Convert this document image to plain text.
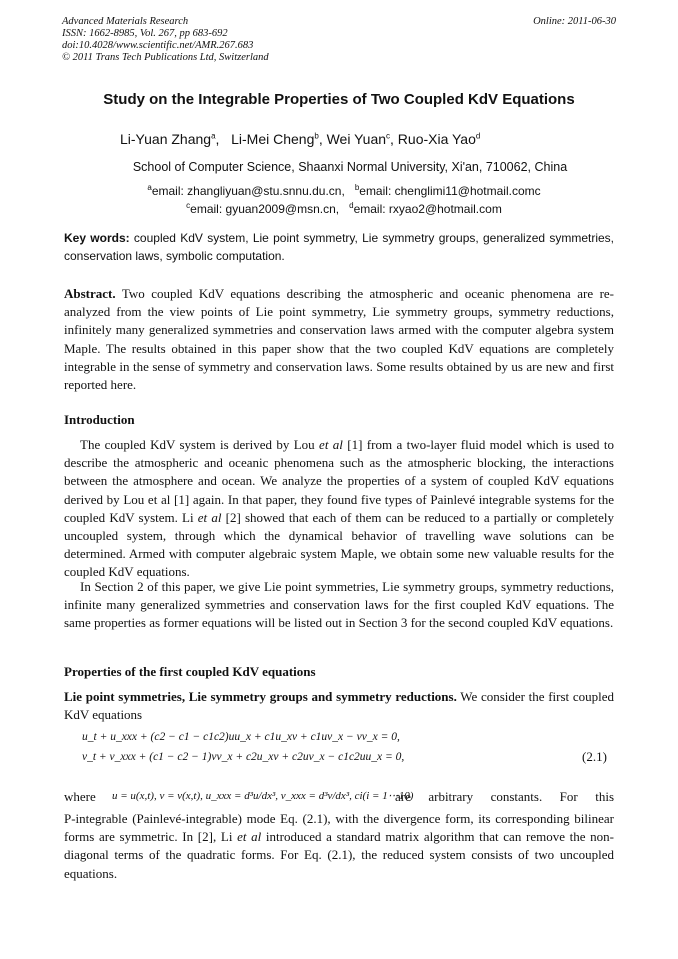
Advanced Materials Research
ISSN: 1662-8985, Vol. 267, pp 683-692
doi:10.4028/www.scientific.net/AMR.267.683
© 2011 Trans Tech Publications Ltd, Switzerland
Online: 2011-06-30
Study on the Integrable Properties of Two Coupled KdV Equations
Li-Yuan Zhang$^a$,   Li-Mei Cheng$^b$, Wei Yuan$^c$, Ruo-Xia Yao$^d$
School of Computer Science, Shaanxi Normal University, Xi'an, 710062, China
$^a$email: zhangliyuan@stu.snnu.du.cn, $^b$email: chenglimi11@hotmail.comc
$^c$email: gyuan2009@msn.cn, $^d$email: rxyao2@hotmail.com
Key words: coupled KdV system, Lie point symmetry, Lie symmetry groups, generalized symmetries, conservation laws, symbolic computation.
Abstract. Two coupled KdV equations describing the atmospheric and oceanic phenomena are re-analyzed from the view points of Lie point symmetry, Lie symmetry groups, symmetry reductions, infinitely many generalized symmetries and conservation laws armed with the computer algebra system Maple. The results obtained in this paper show that the two coupled KdV equations are completely integrable in the sense of symmetry and conservation laws. Some results obtained by us are new and first reported here.
Introduction
The coupled KdV system is derived by Lou et al [1] from a two-layer fluid model which is used to describe the atmospheric and oceanic phenomena such as the atmospheric blocking, the interactions between the atmosphere and ocean. We analyze the properties of a system of coupled KdV equations derived by Lou et al [1] again. In that paper, they found five types of Painlevé integrable systems for the coupled KdV system. Li et al [2] showed that each of them can be reduced to a partially or completely uncoupled system, through which the dynamical behavior of travelling wave solutions can be determined. Armed with computer algebraic system Maple, we obtain some new valuable results for the coupled KdV equations.
In Section 2 of this paper, we give Lie point symmetries, Lie symmetry groups, symmetry reductions, infinite many generalized symmetries and conservation laws for the first coupled KdV equations. The same properties as former equations will be listed out in Section 3 for the second coupled KdV equations.
Properties of the first coupled KdV equations
Lie point symmetries, Lie symmetry groups and symmetry reductions. We consider the first coupled KdV equations
u_t + u_xxx + (c2 − c1 − c1c2)uu_x + c1u_xv + c1uv_x − vv_x = 0,
v_t + v_xxx + (c1 − c2 − 1)vv_x + c2u_xv + c2uv_x − c1c2uu_x = 0,	(2.1)
where u = u(x,t), v = v(x,t), u_xxx = d³u/dx³, v_xxx = d³v/dx³, ci(i = 1⋯10)
are arbitrary constants. For this
P-integrable (Painlevé-integrable) mode Eq. (2.1), with the divergence form, its corresponding bilinear forms are symmetric. In [2], Li et al introduced a standard matrix algorithm that can remove the non-diagonal terms of the quadratic forms. For Eq. (2.1), the reduced system consists of two uncoupled equations.
